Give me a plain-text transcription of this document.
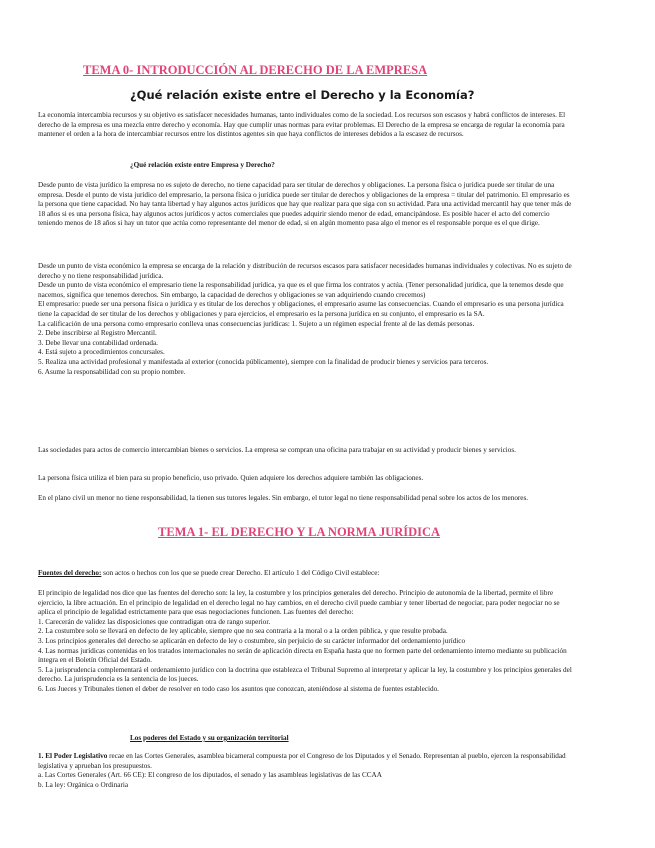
TEMA 0- INTRODUCCIÓN AL DERECHO DE LA EMPRESA
¿Qué relación existe entre el Derecho y la Economía?

La economía intercambia recursos y su objetivo es satisfacer necesidades humanas, tanto individuales como de la sociedad. Los recursos son escasos y habrá conflictos de intereses. El derecho de la empresa es una mezcla entre derecho y economía. Hay que cumplir unas normas para evitar problemas. El Derecho de la empresa se encarga de regular la economía para mantener el orden a la hora de intercambiar recursos entre los distintos agentes sin que haya conflictos de intereses debidos a la escasez de recursos.

¿Qué relación existe entre Empresa y Derecho?

Desde punto de vista jurídico la empresa no es sujeto de derecho, no tiene capacidad para ser titular de derechos y obligaciones. La persona física o jurídica puede ser titular de una empresa. Desde el punto de vista jurídico del empresario, la persona física o jurídica puede ser titular de derechos y obligaciones de la empresa = titular del patrimonio. El empresario es la persona que tiene capacidad. No hay tanta libertad y hay algunos actos jurídicos que hay que realizar para que siga con su actividad. Para una actividad mercantil hay que tener más de 18 años si es una persona física, hay algunos actos jurídicos y actos comerciales que puedes adquirir siendo menor de edad, emancipándose. Es posible hacer el acto del comercio teniendo menos de 18 años si hay un tutor que actúa como representante del menor de edad, si en algún momento pasa algo el menor es el responsable porque es el que dirige.

Desde un punto de vista económico la empresa se encarga de la relación y distribución de recursos escasos para satisfacer necesidades humanas individuales y colectivas. No es sujeto de derecho y no tiene responsabilidad jurídica.

Desde un punto de vista económico el empresario tiene la responsabilidad jurídica, ya que es el que firma los contratos y actúa. (Tener personalidad jurídica, que la tenemos desde que nacemos, significa que tenemos derechos. Sin embargo, la capacidad de derechos y obligaciones se van adquiriendo cuando crecemos)

El empresario: puede ser una persona física o jurídica y es titular de los derechos y obligaciones, el empresario asume las consecuencias. Cuando el empresario es una persona jurídica tiene la capacidad de ser titular de los derechos y obligaciones y para ejercicios, el empresario es la persona jurídica en su conjunto, el empresario es la SA.

La calificación de una persona como empresario conlleva unas consecuencias jurídicas: 1. Sujeto a un régimen especial frente al de las demás personas.

2. Debe inscribirse al Registro Mercantil.

3. Debe llevar una contabilidad ordenada.

4. Está sujeto a procedimientos concursales.

5. Realiza una actividad profesional y manifestada al exterior (conocida públicamente), siempre con la finalidad de producir bienes y servicios para terceros.

6. Asume la responsabilidad con su propio nombre.

Las sociedades para actos de comercio intercambian bienes o servicios. La empresa se compran una oficina para trabajar en su actividad y producir bienes y servicios.

La persona física utiliza el bien para su propio beneficio, uso privado. Quien adquiere los derechos adquiere también las obligaciones.

En el plano civil un menor no tiene responsabilidad, la tienen sus tutores legales. Sin embargo, el tutor legal no tiene responsabilidad penal sobre los actos de los menores.

TEMA 1- EL DERECHO Y LA NORMA JURÍDICA

Fuentes del derecho: son actos o hechos con los que se puede crear Derecho. El artículo 1 del Código Civil establece:

El principio de legalidad nos dice que las fuentes del derecho son: la ley, la costumbre y los principios generales del derecho. Principio de autonomía de la libertad, permite el libre ejercicio, la libre actuación. En el principio de legalidad en el derecho legal no hay cambios, en el derecho civil puede cambiar y tener libertad de negociar, para poder negociar no se aplica el principio de legalidad estrictamente para que esas negociaciones funcionen. Las fuentes del derecho:

1. Carecerán de validez las disposiciones que contradigan otra de rango superior.

2. La costumbre solo se llevará en defecto de ley aplicable, siempre que no sea contraria a la moral o a la orden pública, y que resulte probada.

3. Los principios generales del derecho se aplicarán en defecto de ley o costumbre, sin perjuicio de su carácter informador del ordenamiento jurídico

4. Las normas jurídicas contenidas en los tratados internacionales no serán de aplicación directa en España hasta que no formen parte del ordenamiento interno mediante su publicación íntegra en el Boletín Oficial del Estado.

5. La jurisprudencia complementará el ordenamiento jurídico con la doctrina que establezca el Tribunal Supremo al interpretar y aplicar la ley, la costumbre y los principios generales del derecho. La jurisprudencia es la sentencia de los jueces.

6. Los Jueces y Tribunales tienen el deber de resolver en todo caso los asuntos que conozcan, ateniéndose al sistema de fuentes establecido.

Los poderes del Estado y su organización territorial

1. El Poder Legislativo recae en las Cortes Generales, asamblea bicameral compuesta por el Congreso de los Diputados y el Senado. Representan al pueblo, ejercen la responsabilidad legislativa y aprueban los presupuestos.

a. Las Cortes Generales (Art. 66 CE): El congreso de los diputados, el senado y las asambleas legislativas de las CCAA

b. La ley: Orgánica o Ordinaria
